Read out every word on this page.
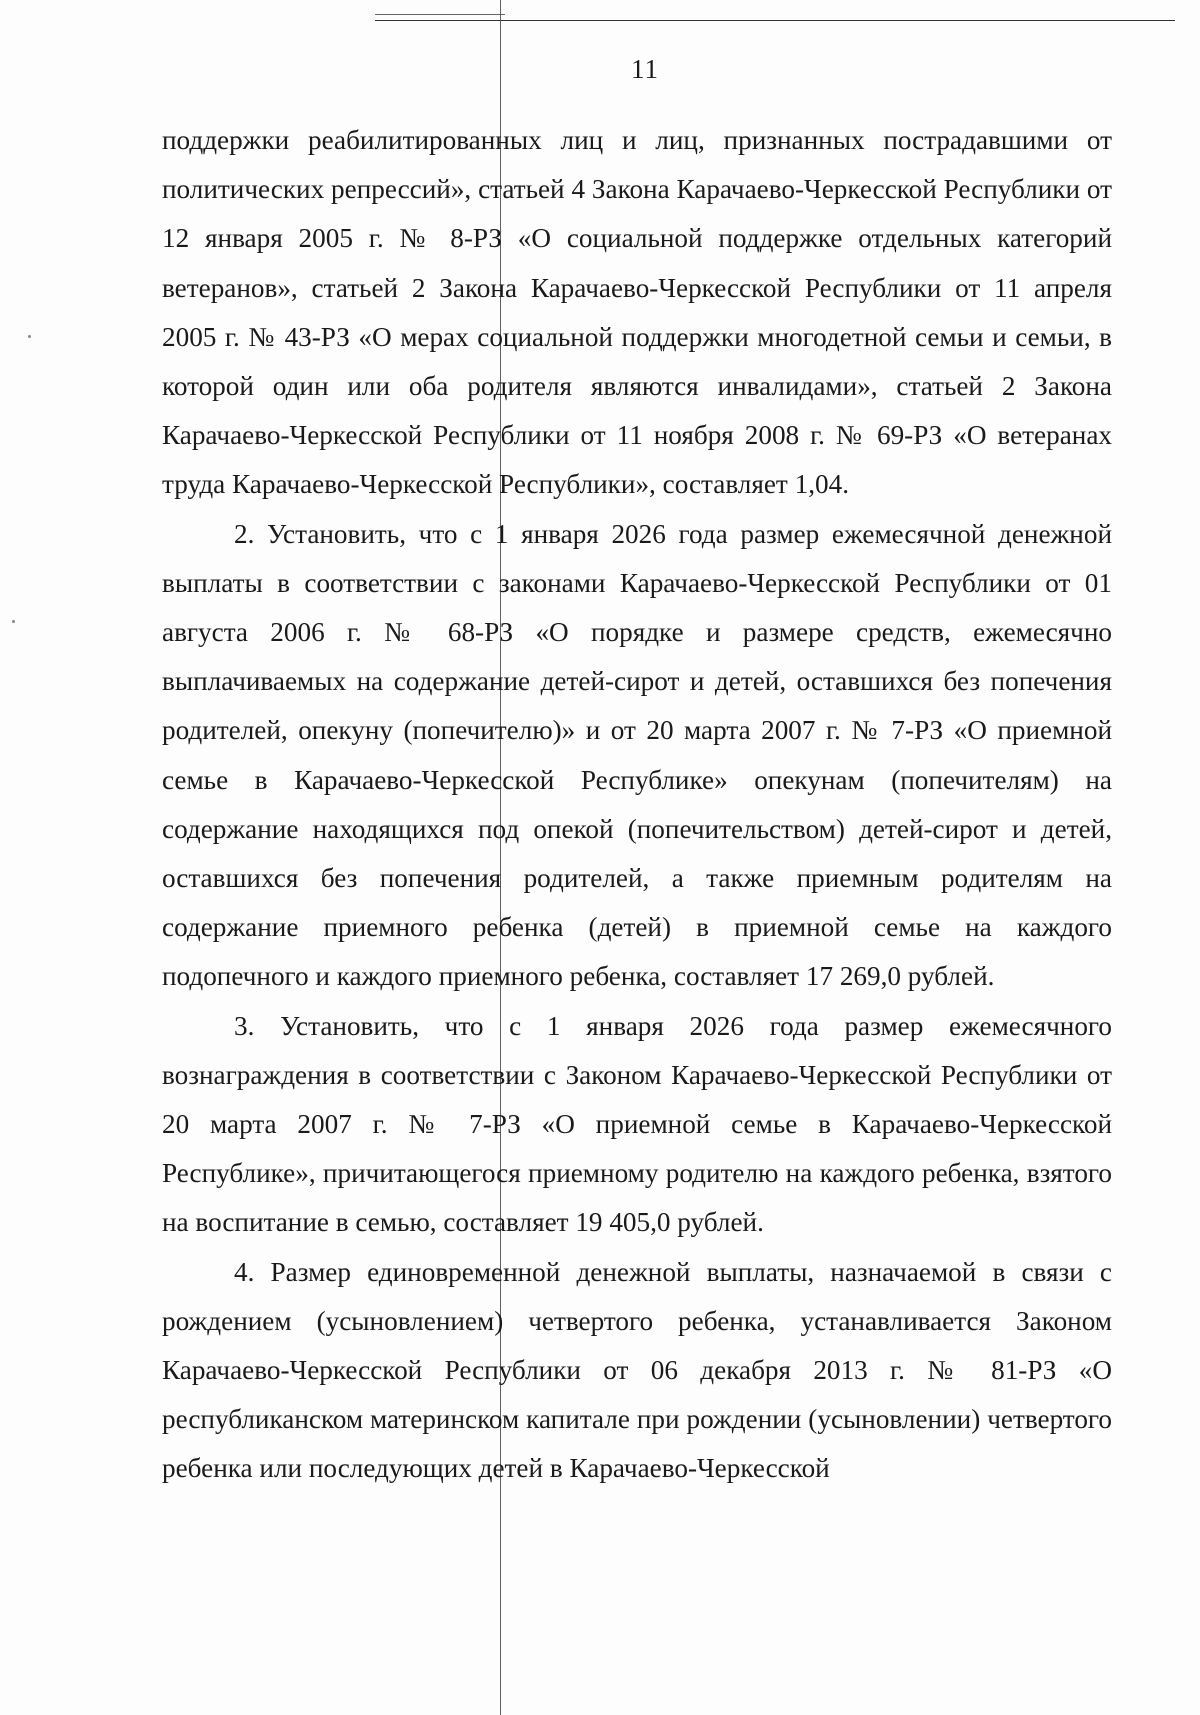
11

поддержки реабилитированных лиц и лиц, признанных пострадавшими от политических репрессий», статьей 4 Закона Карачаево-Черкесской Республики от 12 января 2005 г. № 8-РЗ «О социальной поддержке отдельных категорий ветеранов», статьей 2 Закона Карачаево-Черкесской Республики от 11 апреля 2005 г. № 43-РЗ «О мерах социальной поддержки многодетной семьи и семьи, в которой один или оба родителя являются инвалидами», статьей 2 Закона Карачаево-Черкесской Республики от 11 ноября 2008 г. № 69-РЗ «О ветеранах труда Карачаево-Черкесской Республики», составляет 1,04.

2. Установить, что с 1 января 2026 года размер ежемесячной денежной выплаты в соответствии с законами Карачаево-Черкесской Республики от 01 августа 2006 г. № 68-РЗ «О порядке и размере средств, ежемесячно выплачиваемых на содержание детей-сирот и детей, оставшихся без попечения родителей, опекуну (попечителю)» и от 20 марта 2007 г. № 7-РЗ «О приемной семье в Карачаево-Черкесской Республике» опекунам (попечителям) на содержание находящихся под опекой (попечительством) детей-сирот и детей, оставшихся без попечения родителей, а также приемным родителям на содержание приемного ребенка (детей) в приемной семье на каждого подопечного и каждого приемного ребенка, составляет 17 269,0 рублей.

3. Установить, что с 1 января 2026 года размер ежемесячного вознаграждения в соответствии с Законом Карачаево-Черкесской Республики от 20 марта 2007 г. № 7-РЗ «О приемной семье в Карачаево-Черкесской Республике», причитающегося приемному родителю на каждого ребенка, взятого на воспитание в семью, составляет 19 405,0 рублей.

4. Размер единовременной денежной выплаты, назначаемой в связи с рождением (усыновлением) четвертого ребенка, устанавливается Законом Карачаево-Черкесской Республики от 06 декабря 2013 г. № 81-РЗ «О республиканском материнском капитале при рождении (усыновлении) четвертого ребенка или последующих детей в Карачаево-Черкесской
